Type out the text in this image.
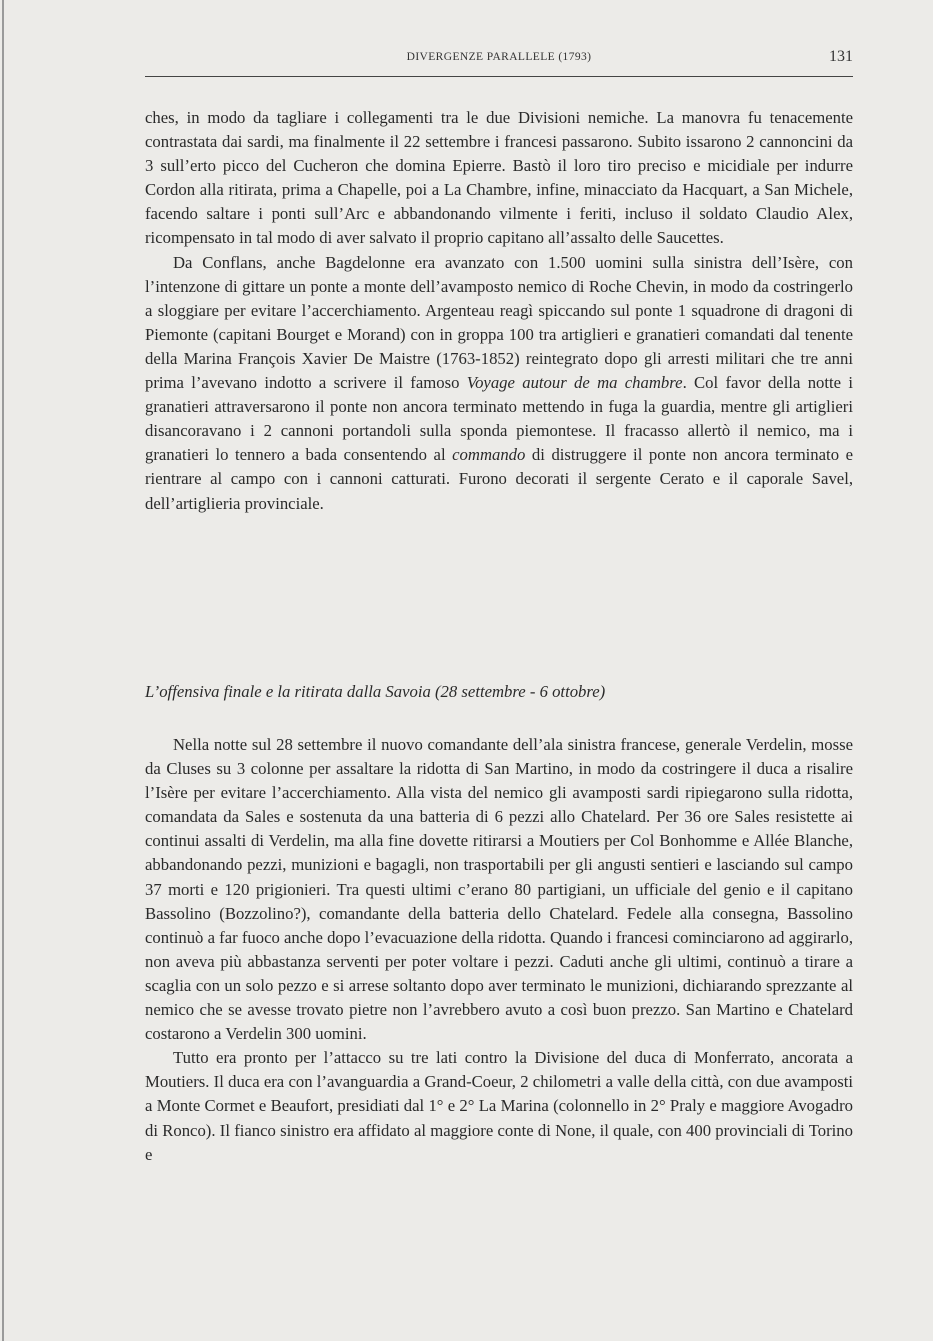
DIVERGENZE PARALLELE (1793)	131

ches, in modo da tagliare i collegamenti tra le due Divisioni nemiche. La manovra fu tenacemente contrastata dai sardi, ma finalmente il 22 settembre i francesi passarono. Subito issarono 2 cannoncini da 3 sull’erto picco del Cucheron che domina Epierre. Bastò il loro tiro preciso e micidiale per indurre Cordon alla ritirata, prima a Chapelle, poi a La Chambre, infine, minacciato da Hacquart, a San Michele, facendo saltare i ponti sull’Arc e abbandonando vilmente i feriti, incluso il soldato Claudio Alex, ricompensato in tal modo di aver salvato il proprio capitano all’assalto delle Saucettes.

Da Conflans, anche Bagdelonne era avanzato con 1.500 uomini sulla sinistra dell’Isère, con l’intenzone di gittare un ponte a monte dell’avamposto nemico di Roche Chevin, in modo da costringerlo a sloggiare per evitare l’accerchiamento. Argenteau reagì spiccando sul ponte 1 squadrone di dragoni di Piemonte (capitani Bourget e Morand) con in groppa 100 tra artiglieri e granatieri comandati dal tenente della Marina François Xavier De Maistre (1763-1852) reintegrato dopo gli arresti militari che tre anni prima l’avevano indotto a scrivere il famoso Voyage autour de ma chambre. Col favor della notte i granatieri attraversarono il ponte non ancora terminato mettendo in fuga la guardia, mentre gli artiglieri disancoravano i 2 cannoni portandoli sulla sponda piemontese. Il fracasso allertò il nemico, ma i granatieri lo tennero a bada consentendo al commando di distruggere il ponte non ancora terminato e rientrare al campo con i cannoni catturati. Furono decorati il sergente Cerato e il caporale Savel, dell’artiglieria provinciale.

L’offensiva finale e la ritirata dalla Savoia (28 settembre - 6 ottobre)

Nella notte sul 28 settembre il nuovo comandante dell’ala sinistra francese, generale Verdelin, mosse da Cluses su 3 colonne per assaltare la ridotta di San Martino, in modo da costringere il duca a risalire l’Isère per evitare l’accerchiamento. Alla vista del nemico gli avamposti sardi ripiegarono sulla ridotta, comandata da Sales e sostenuta da una batteria di 6 pezzi allo Chatelard. Per 36 ore Sales resistette ai continui assalti di Verdelin, ma alla fine dovette ritirarsi a Moutiers per Col Bonhomme e Allée Blanche, abbandonando pezzi, munizioni e bagagli, non trasportabili per gli angusti sentieri e lasciando sul campo 37 morti e 120 prigionieri. Tra questi ultimi c’erano 80 partigiani, un ufficiale del genio e il capitano Bassolino (Bozzolino?), comandante della batteria dello Chatelard. Fedele alla consegna, Bassolino continuò a far fuoco anche dopo l’evacuazione della ridotta. Quando i francesi cominciarono ad aggirarlo, non aveva più abbastanza serventi per poter voltare i pezzi. Caduti anche gli ultimi, continuò a tirare a scaglia con un solo pezzo e si arrese soltanto dopo aver terminato le munizioni, dichiarando sprezzante al nemico che se avesse trovato pietre non l’avrebbero avuto a così buon prezzo. San Martino e Chatelard costarono a Verdelin 300 uomini.

Tutto era pronto per l’attacco su tre lati contro la Divisione del duca di Monferrato, ancorata a Moutiers. Il duca era con l’avanguardia a Grand-Coeur, 2 chilometri a valle della città, con due avamposti a Monte Cormet e Beaufort, presidiati dal 1° e 2° La Marina (colonnello in 2° Praly e maggiore Avogadro di Ronco). Il fianco sinistro era affidato al maggiore conte di None, il quale, con 400 provinciali di Torino e
